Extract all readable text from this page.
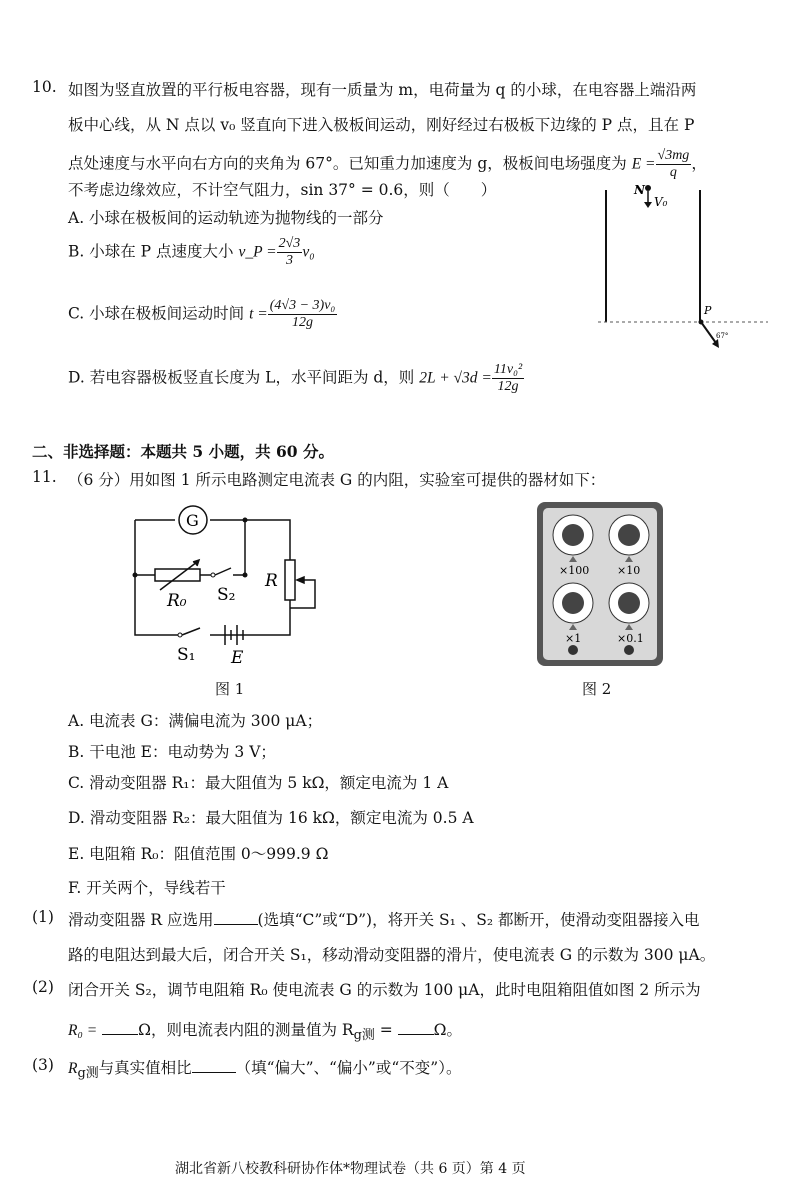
10. 如图为竖直放置的平行板电容器，现有一质量为 m，电荷量为 q 的小球，在电容器上端沿两
板中心线，从 N 点以 v₀ 竖直向下进入极板间运动，刚好经过右极板下边缘的 P 点，且在 P
点处速度与水平向右方向的夹角为 67°。已知重力加速度为 g，极板间电场强度为 $E = \frac{√3mg}{q}$ ，
不考虑边缘效应，不计空气阻力，sin 37° = 0.6，则（　　）
A. 小球在极板间的运动轨迹为抛物线的一部分
B. 小球在 P 点速度大小 v_P = $\frac{2√3}{3} v_0$
C. 小球在极板间运动时间 $t = \frac{\text{(4√3 − 3)v₀}}{12g}$
D. 若电容器极板竖直长度为 L，水平间距为 d，则 $2L + √3d = \frac{\text{11v₀²}}{12g}$
N
V₀
P
67°
二、非选择题：本题共 5 小题，共 60 分。
11. （6 分）用如图 1 所示电路测定电流表 G 的内阻，实验室可提供的器材如下：
G
R₀ S₂
R
S₁ E
图 1
×100	×10
×1	×0.1
图 2
A. 电流表 G：满偏电流为 300 μA；
B. 干电池 E：电动势为 3 V；
C. 滑动变阻器 R₁：最大阻值为 5 kΩ，额定电流为 1 A
D. 滑动变阻器 R₂：最大阻值为 16 kΩ，额定电流为 0.5 A
E. 电阻箱 R₀：阻值范围 0～999.9 Ω
F. 开关两个，导线若干
(1) 滑动变阻器 R 应选用	(选填“C”或“D”)，将开关 S₁ 、S₂ 都断开，使滑动变阻器接入电
路的电阻达到最大后，闭合开关 S₁，移动滑动变阻器的滑片，使电流表 G 的示数为 300 μA。
(2) 闭合开关 S₂，调节电阻箱 R₀ 使电流表 G 的示数为 100 μA，此时电阻箱阻值如图 2 所示为
R₀ =	Ω，则电流表内阻的测量值为 $R_{g测}$ =	Ω。
(3) $R_{g测}$与真实值相比	（填“偏大”、“偏小”或“不变”）。
湖北省新八校教科研协作体*物理试卷（共 6 页）第 4 页
